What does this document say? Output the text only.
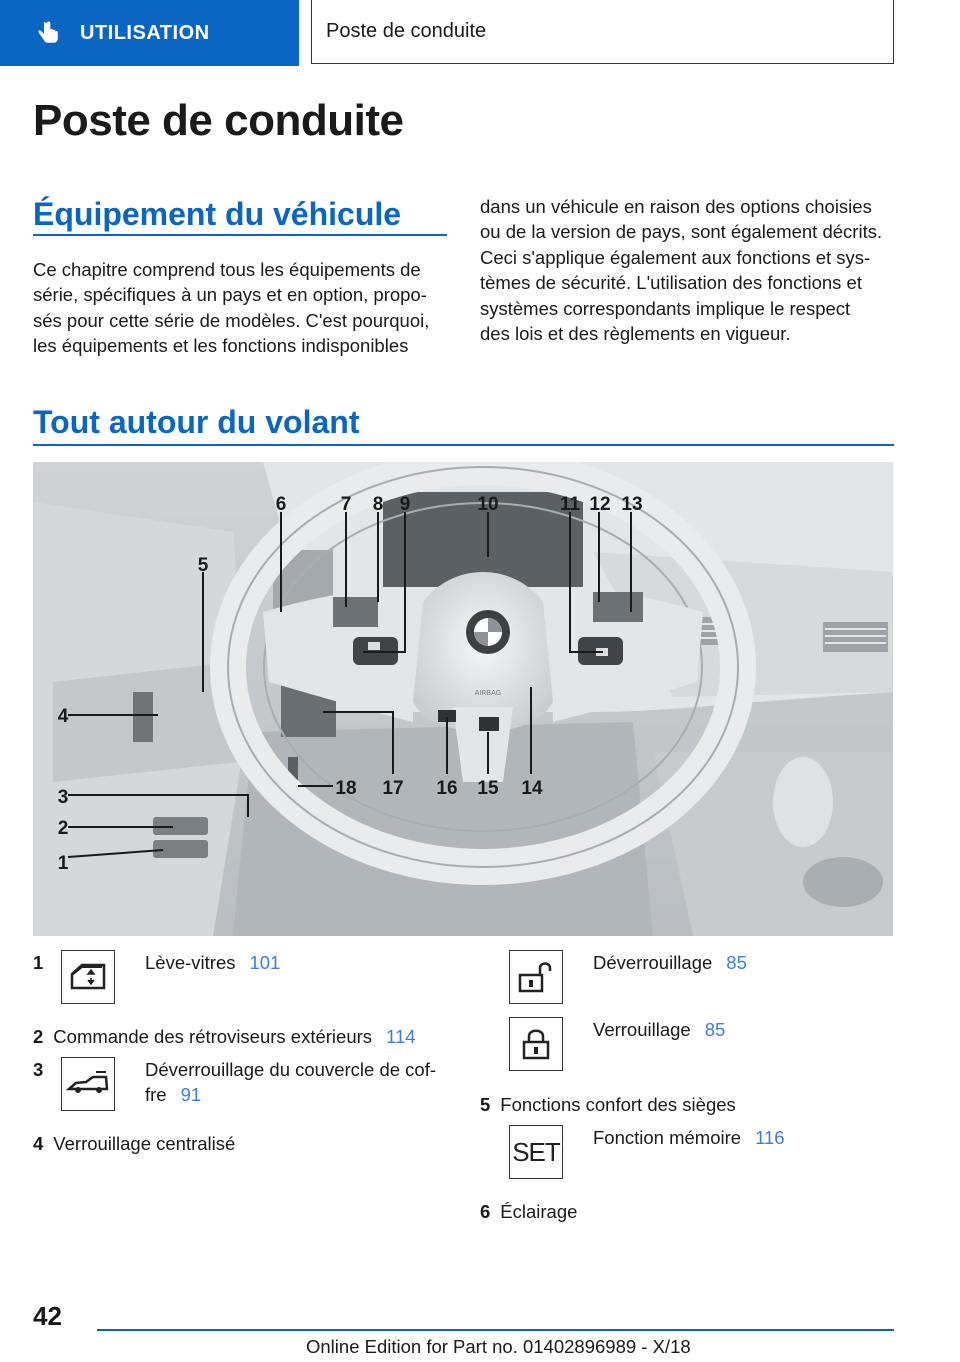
UTILISATION	Poste de conduite
Poste de conduite
Équipement du véhicule
Ce chapitre comprend tous les équipements de
série, spécifiques à un pays et en option, propo-
sés pour cette série de modèles. C'est pourquoi,
les équipements et les fonctions indisponibles
dans un véhicule en raison des options choisies
ou de la version de pays, sont également décrits.
Ceci s'applique également aux fonctions et sys-
tèmes de sécurité. L'utilisation des fonctions et
systèmes correspondants implique le respect
des lois et des règlements en vigueur.
Tout autour du volant
AIRBAG
1
2
3
4
5
6	7 8 9	10	11 12 13
14
15
16
17
18
1	Lève-vitres 101
2 Commande des rétroviseurs extérieurs 114
3	Déverrouillage du couvercle de cof-
fre 91
4 Verrouillage centralisé
Déverrouillage 85
Verrouillage 85
5 Fonctions confort des sièges
SET Fonction mémoire 116
6 Éclairage
42
Online Edition for Part no. 01402896989 - X/18
